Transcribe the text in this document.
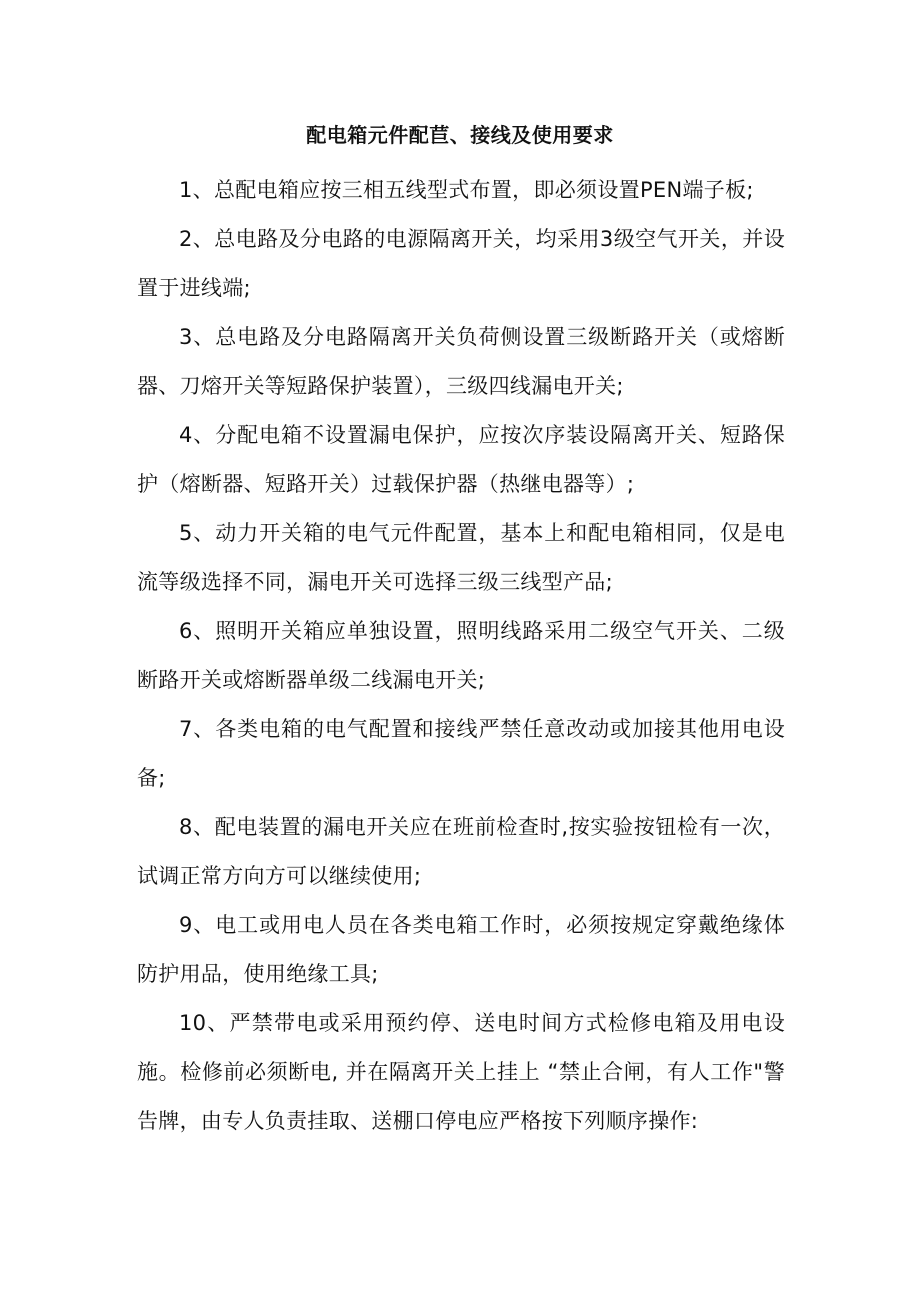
配电箱元件配苣、接线及使用要求

1、总配电箱应按三相五线型式布置，即必须设置PEN端子板;

2、总电路及分电路的电源隔离开关，均采用3级空气开关，并设置于进线端;

3、总电路及分电路隔离开关负荷侧设置三级断路开关（或熔断器、刀熔开关等短路保护装置），三级四线漏电开关;

4、分配电箱不设置漏电保护，应按次序装设隔离开关、短路保护（熔断器、短路开关）过载保护器（热继电器等）;

5、动力开关箱的电气元件配置，基本上和配电箱相同，仅是电流等级选择不同，漏电开关可选择三级三线型产品;

6、照明开关箱应单独设置，照明线路采用二级空气开关、二级断路开关或熔断器单级二线漏电开关;

7、各类电箱的电气配置和接线严禁任意改动或加接其他用电设备;

8、配电装置的漏电开关应在班前检查时,按实验按钮检有一次，试调正常方向方可以继续使用;

9、电工或用电人员在各类电箱工作时，必须按规定穿戴绝缘体防护用品，使用绝缘工具;

10、严禁带电或采用预约停、送电时间方式检修电箱及用电设施。检修前必须断电, 并在隔离开关上挂上 “禁止合闸，有人工作"警告牌，由专人负责挂取、送棚口停电应严格按下列顺序操作:
